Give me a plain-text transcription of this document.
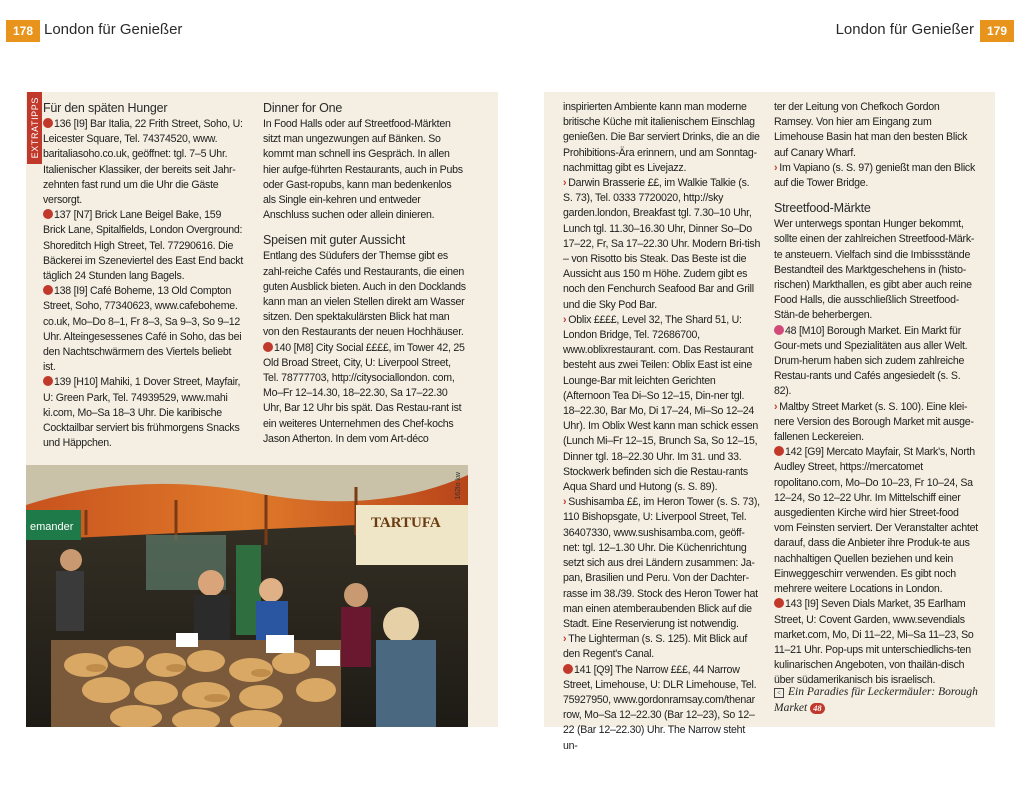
178 London für Genießer	London für Genießer	179
EXTRATIPPS Für den späten Hunger

136 [I9] Bar Italia, 22 Frith Street, Soho, U: Leicester Square, Tel. 74374520, www. baritaliasoho.co.uk, geöffnet: tgl. 7–5 Uhr. Italienischer Klassiker, der bereits seit Jahr-zehnten fast rund um die Uhr die Gäste versorgt.

137 [N7] Brick Lane Beigel Bake, 159 Brick Lane, Spitalfields, London Overground: Shoreditch High Street, Tel. 77290616. Die Bäckerei im Szeneviertel des East End backt täglich 24 Stunden lang Bagels.

138 [I9] Café Boheme, 13 Old Compton Street, Soho, 77340623, www.cafeboheme. co.uk, Mo–Do 8–1, Fr 8–3, Sa 9–3, So 9–12 Uhr. Alteingesessenes Café in Soho, das bei den Nachtschwärmern des Viertels beliebt ist.

139 [H10] Mahiki, 1 Dover Street, Mayfair, U: Green Park, Tel. 74939529, www.mahi ki.com, Mo–Sa 18–3 Uhr. Die karibische Cocktailbar serviert bis frühmorgens Snacks und Häppchen.

Dinner for One

In Food Halls oder auf Streetfood-Märkten sitzt man ungezwungen auf Bänken. So kommt man schnell ins Gespräch. In allen hier aufge-führten Restaurants, auch in Pubs oder Gast-ropubs, kann man bedenkenlos als Single ein-kehren und entweder Anschluss suchen oder allein dinieren.

Speisen mit guter Aussicht

Entlang des Südufers der Themse gibt es zahl-reiche Cafés und Restaurants, die einen guten Ausblick bieten. Auch in den Docklands kann man an vielen Stellen direkt am Wasser sitzen. Den spektakulärsten Blick hat man von den Restaurants der neuen Hochhäuser.

140 [M8] City Social ££££, im Tower 42, 25 Old Broad Street, City, U: Liverpool Street, Tel. 78777703, http://citysociallondon. com, Mo–Fr 12–14.30, 18–22.30, Sa 17–22.30 Uhr, Bar 12 Uhr bis spät. Das Restau-rant ist ein weiteres Unternehmen des Chef-kochs Jason Atherton. In dem vom Art-déco

TARTUFA
emander
162lo kw

inspirierten Ambiente kann man moderne britische Küche mit italienischem Einschlag genießen. Die Bar serviert Drinks, die an die Prohibitions-Ära erinnern, und am Sonntag-nachmittag gibt es Livejazz.

› Darwin Brasserie ££, im Walkie Talkie (s. S. 73), Tel. 0333 7720020, http://sky garden.london, Breakfast tgl. 7.30–10 Uhr, Lunch tgl. 11.30–16.30 Uhr, Dinner So–Do 17–22, Fr, Sa 17–22.30 Uhr. Modern Bri-tish – von Risotto bis Steak. Das Beste ist die Aussicht aus 150 m Höhe. Zudem gibt es noch den Fenchurch Seafood Bar and Grill und die Sky Pod Bar.

› Oblix ££££, Level 32, The Shard 51, U: London Bridge, Tel. 72686700, www.oblixrestaurant. com. Das Restaurant besteht aus zwei Teilen: Oblix East ist eine Lounge-Bar mit leichten Gerichten (Afternoon Tea Di–So 12–15, Din-ner tgl. 18–22.30, Bar Mo, Di 17–24, Mi–So 12–24 Uhr). Im Oblix West kann man schick essen (Lunch Mi–Fr 12–15, Brunch Sa, So 12–15, Dinner tgl. 18–22.30 Uhr. Im 31. und 33. Stockwerk befinden sich die Restau-rants Aqua Shard und Hutong (s. S. 89).

› Sushisamba ££, im Heron Tower (s. S. 73), 110 Bishopsgate, U: Liverpool Street, Tel. 36407330, www.sushisamba.com, geöff-net: tgl. 12–1.30 Uhr. Die Küchenrichtung setzt sich aus drei Ländern zusammen: Ja-pan, Brasilien und Peru. Von der Dachter-rasse im 38./39. Stock des Heron Tower hat man einen atemberaubenden Blick auf die Stadt. Eine Reservierung ist notwendig.

› The Lighterman (s. S. 125). Mit Blick auf den Regent's Canal.

141 [Q9] The Narrow £££, 44 Narrow Street, Limehouse, U: DLR Limehouse, Tel. 75927950, www.gordonramsay.com/thenar row, Mo–Sa 12–22.30 (Bar 12–23), So 12–22 (Bar 12–22.30) Uhr. The Narrow steht un-

ter der Leitung von Chefkoch Gordon Ramsey. Von hier am Eingang zum Limehouse Basin hat man den besten Blick auf Canary Wharf.

› Im Vapiano (s. S. 97) genießt man den Blick auf die Tower Bridge.

Streetfood-Märkte

Wer unterwegs spontan Hunger bekommt, sollte einen der zahlreichen Streetfood-Märk-te ansteuern. Vielfach sind die Imbissstände Bestandteil des Marktgeschehens in (histo-rischen) Markthallen, es gibt aber auch reine Food Halls, die ausschließlich Streetfood-Stän-de beherbergen.

48 [M10] Borough Market. Ein Markt für Gour-mets und Spezialitäten aus aller Welt. Drum-herum haben sich zudem zahlreiche Restau-rants und Cafés angesiedelt (s. S. 82).

› Maltby Street Market (s. S. 100). Eine klei-nere Version des Borough Market mit ausge-fallenen Leckereien.

142 [G9] Mercato Mayfair, St Mark's, North Audley Street, https://mercatomet ropolitano.com, Mo–Do 10–23, Fr 10–24, Sa 12–24, So 12–22 Uhr. Im Mittelschiff einer ausgedienten Kirche wird hier Street-food vom Feinsten serviert. Der Veranstalter achtet darauf, dass die Anbieter ihre Produk-te aus nachhaltigen Quellen beziehen und kein Einweggeschirr verwenden. Es gibt noch mehrere weitere Locations in London.

143 [I9] Seven Dials Market, 35 Earlham Street, U: Covent Garden, www.sevendials market.com, Mo, Di 11–22, Mi–Sa 11–23, So 11–21 Uhr. Pop-ups mit unterschiedlichs-ten kulinarischen Angeboten, von thailän-disch über südamerikanisch bis israelisch.

< Ein Paradies für Leckermäuler: Borough Market 48
